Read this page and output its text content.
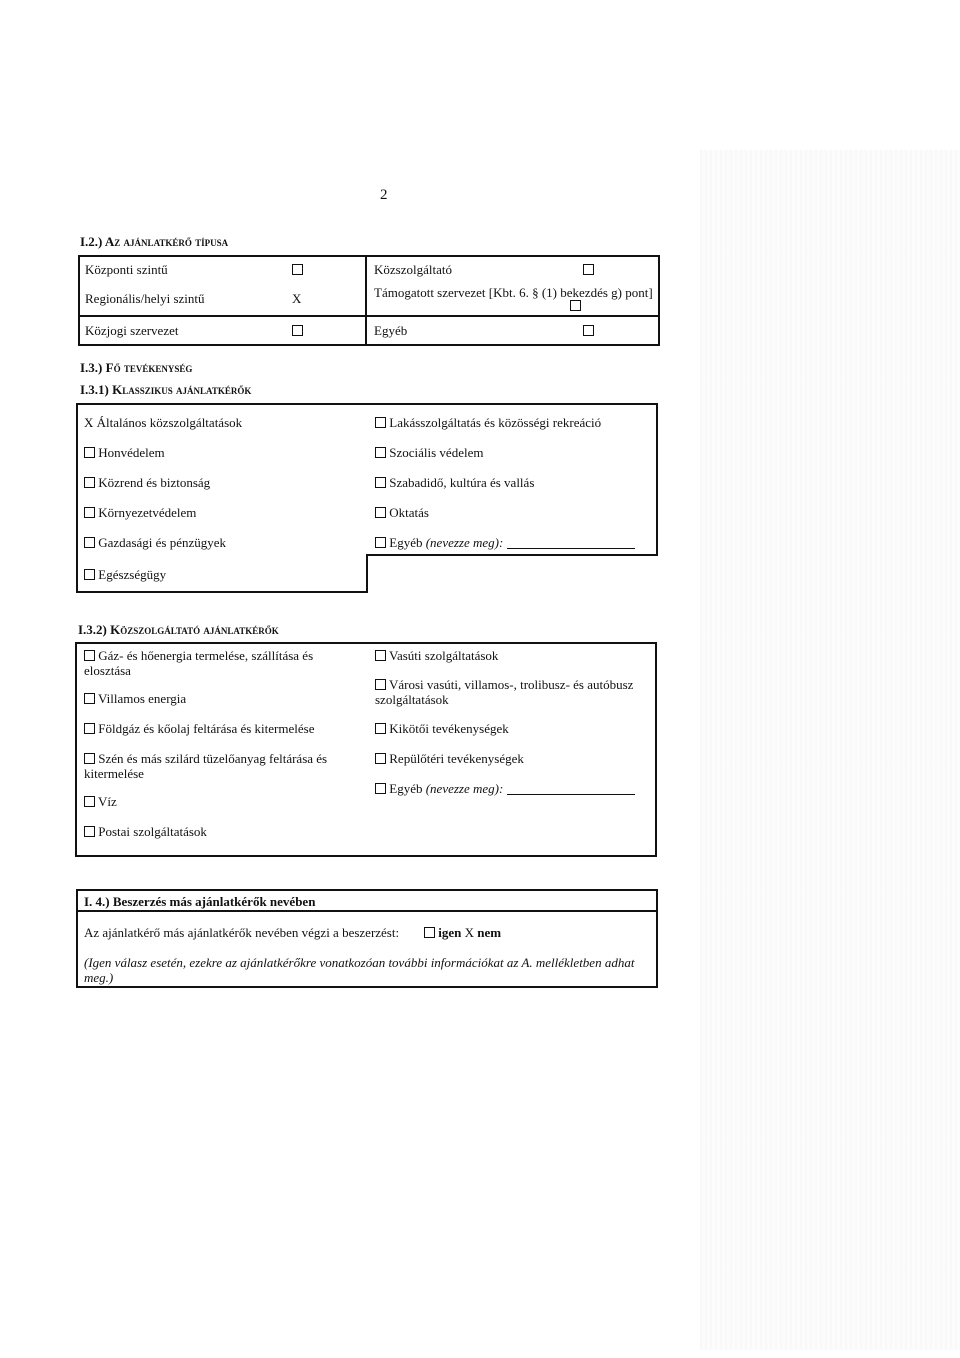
2
I.2.) Az ajánlatkérő típusa
Központi szintű	Közszolgáltató
Regionális/helyi szintű	X	Támogatott szervezet [Kbt. 6. § (1) bekezdés g) pont]
Közjogi szervezet	Egyéb
I.3.) Fő tevékenység
I.3.1) Klasszikus ajánlatkérők
X Általános közszolgáltatások
Honvédelem
Közrend és biztonság
Környezetvédelem
Gazdasági és pénzügyek
Egészségügy
Lakásszolgáltatás és közösségi rekreáció
Szociális védelem
Szabadidő, kultúra és vallás
Oktatás
Egyéb (nevezze meg):
I.3.2) Közszolgáltató ajánlatkérők
Gáz- és hőenergia termelése, szállítása és elosztása
Villamos energia
Földgáz és kőolaj feltárása és kitermelése
Szén és más szilárd tüzelőanyag feltárása és kitermelése
Víz
Postai szolgáltatások
Vasúti szolgáltatások
Városi vasúti, villamos-, trolibusz- és autóbusz szolgáltatások
Kikötői tevékenységek
Repülőtéri tevékenységek
Egyéb (nevezze meg):
I. 4.) Beszerzés más ajánlatkérők nevében
Az ajánlatkérő más ajánlatkérők nevében végzi a beszerzést:	igen X nem
(Igen válasz esetén, ezekre az ajánlatkérőkre vonatkozóan további információkat az A. mellékletben adhat meg.)
